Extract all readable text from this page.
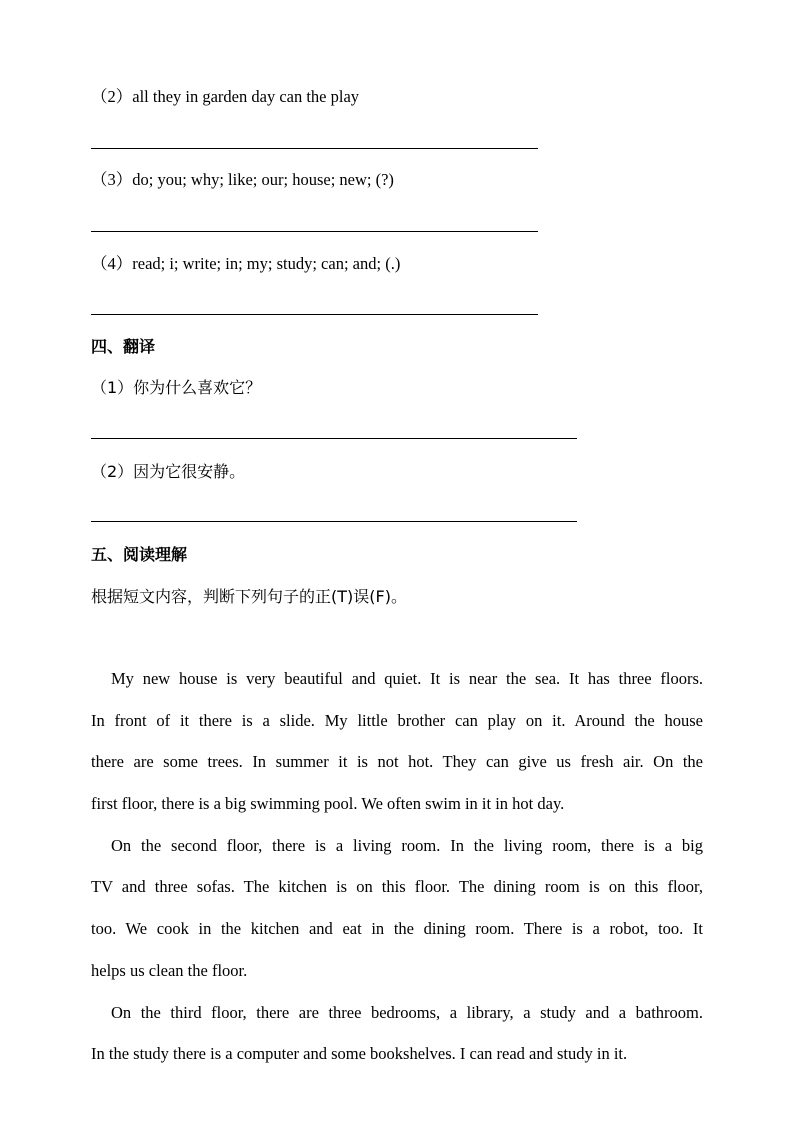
（2）all they in garden day can the play
（3）do; you; why; like; our; house; new; (?)
（4）read; i; write; in; my; study; can; and; (.)
四、翻译
（1）你为什么喜欢它？
（2）因为它很安静。
五、阅读理解
根据短文内容，判断下列句子的正(T)误(F)。
My new house is very beautiful and quiet. It is near the sea. It has three floors.
In front of it there is a slide. My little brother can play on it. Around the house
there are some trees. In summer it is not hot. They can give us fresh air. On the
first floor, there is a big swimming pool. We often swim in it in hot day.
On the second floor, there is a living room. In the living room, there is a big
TV and three sofas. The kitchen is on this floor. The dining room is on this floor,
too. We cook in the kitchen and eat in the dining room. There is a robot, too. It
helps us clean the floor.
On the third floor, there are three bedrooms, a library, a study and a bathroom.
In the study there is a computer and some bookshelves. I can read and study in it.
